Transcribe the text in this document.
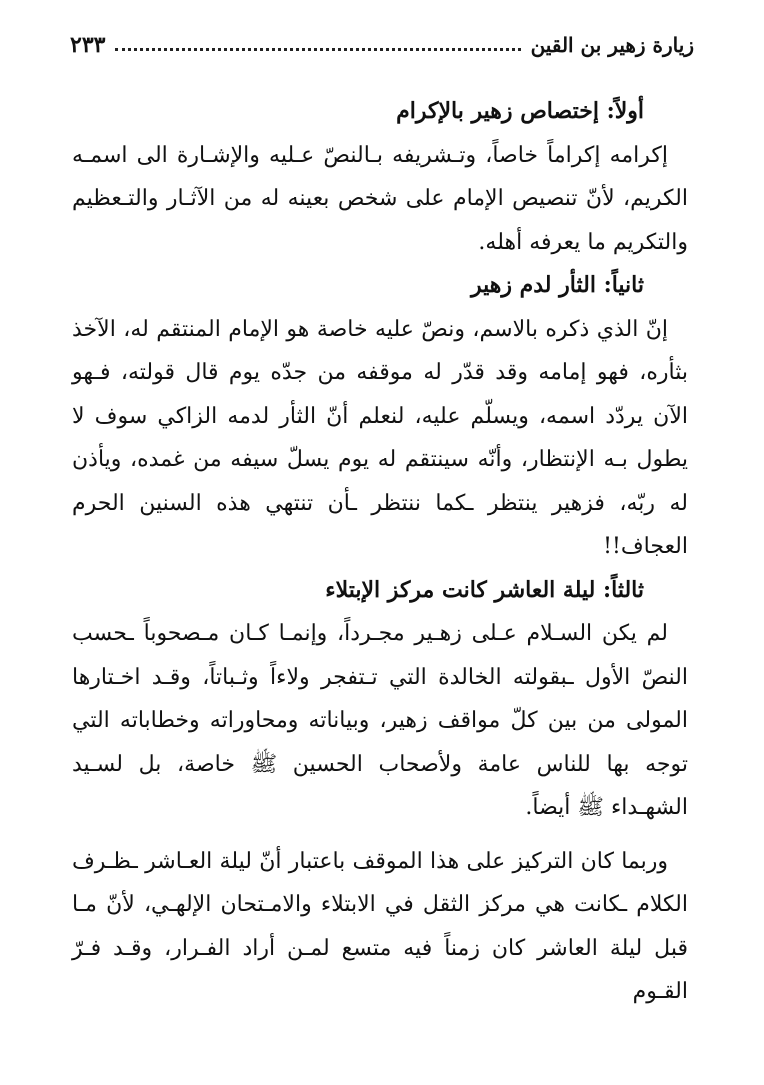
زيارة زهير بن القين
٢٣٣
أولاً: إختصاص زهير بالإكرام

إكرامه إكراماً خاصاً، وتـشريفه بـالنصّ عـليه والإشـارة الى اسمـه الكريم، لأنّ تنصيص الإمام على شخص بعينه له من الآثـار والتـعظيم والتكريم ما يعرفه أهله.

ثانياً: الثأر لدم زهير

إنّ الذي ذكره بالاسم، ونصّ عليه خاصة هو الإمام المنتقم له، الآخذ بثأره، فهو إمامه وقد قدّر له موقفه من جدّه يوم قال قولته، فـهو الآن يردّد اسمه، ويسلّم عليه، لنعلم أنّ الثأر لدمه الزاكي سوف لا يطول بـه الإنتظار، وأنّه سينتقم له يوم يسلّ سيفه من غمده، ويأذن له ربّه، فزهير ينتظر ـكما ننتظر ـأن تنتهي هذه السنين الحرم العجاف!!

ثالثاً: ليلة العاشر كانت مركز الإبتلاء

لم يكن السـلام عـلى زهـير مجـرداً، وإنمـا كـان مـصحوباً ـحسب النصّ الأول ـبقولته الخالدة التي تـتفجر ولاءاً وثـباتاً، وقـد اخـتارها المولى من بين كلّ مواقف زهير، وبياناته ومحاوراته وخطاباته التي توجه بها للناس عامة ولأصحاب الحسين ﷺ خاصة، بل لسـيد الشهـداء ﷺ أيضاً.

وربما كان التركيز على هذا الموقف باعتبار أنّ ليلة العـاشر ـظـرف الكلام ـكانت هي مركز الثقل في الابتلاء والامـتحان الإلهـي، لأنّ مـا قبل ليلة العاشر كان زمناً فيه متسع لمـن أراد الفـرار، وقـد فـرّ القـوم
